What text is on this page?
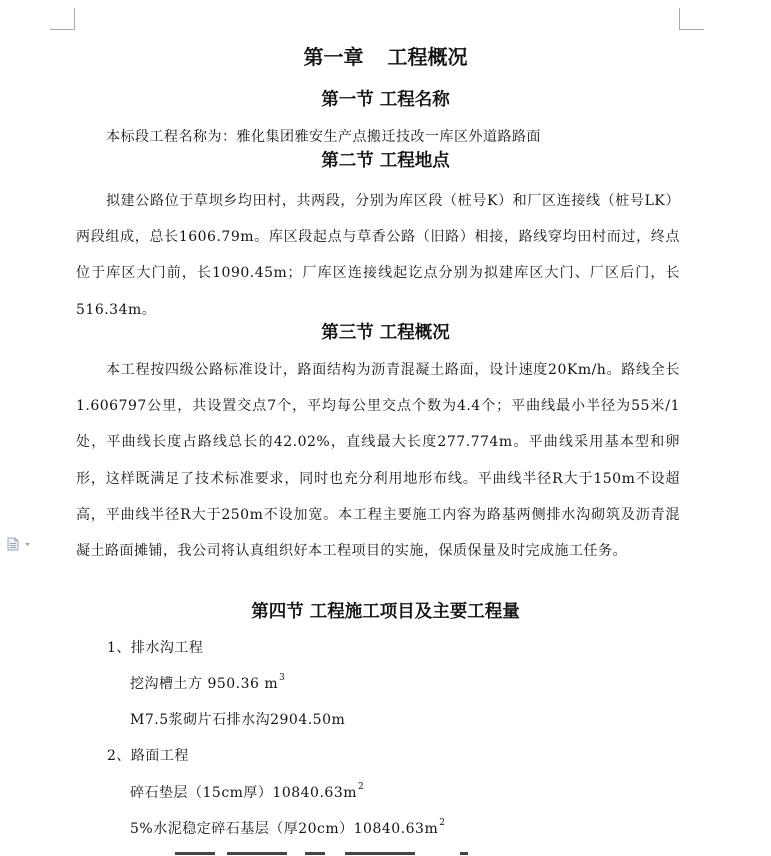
第一章 工程概况
第一节 工程名称

本标段工程名称为：雅化集团雅安生产点搬迁技改一库区外道路路面

第二节 工程地点

拟建公路位于草坝乡均田村，共两段，分别为库区段（桩号K）和厂区连接线（桩号LK）两段组成，总长1606.79m。库区段起点与草香公路（旧路）相接，路线穿均田村而过，终点位于库区大门前，长1090.45m；厂库区连接线起讫点分别为拟建库区大门、厂区后门，长516.34m。

第三节 工程概况

本工程按四级公路标准设计，路面结构为沥青混凝土路面，设计速度20Km/h。路线全长1.606797公里，共设置交点7个，平均每公里交点个数为4.4个；平曲线最小半径为55米/1处，平曲线长度占路线总长的42.02%，直线最大长度277.774m。平曲线采用基本型和卵形，这样既满足了技术标准要求，同时也充分利用地形布线。平曲线半径R大于150m不设超高，平曲线半径R大于250m不设加宽。本工程主要施工内容为路基两侧排水沟砌筑及沥青混凝土路面摊铺，我公司将认真组织好本工程项目的实施，保质保量及时完成施工任务。

第四节 工程施工项目及主要工程量

1、排水沟工程

挖沟槽土方 950.36 $m^3$

M7.5浆砌片石排水沟2904.50m

2、路面工程

碎石垫层（15cm厚）$10840.63m^2$

5%水泥稳定碎石基层（厚$20cm)10840.63m^2$
